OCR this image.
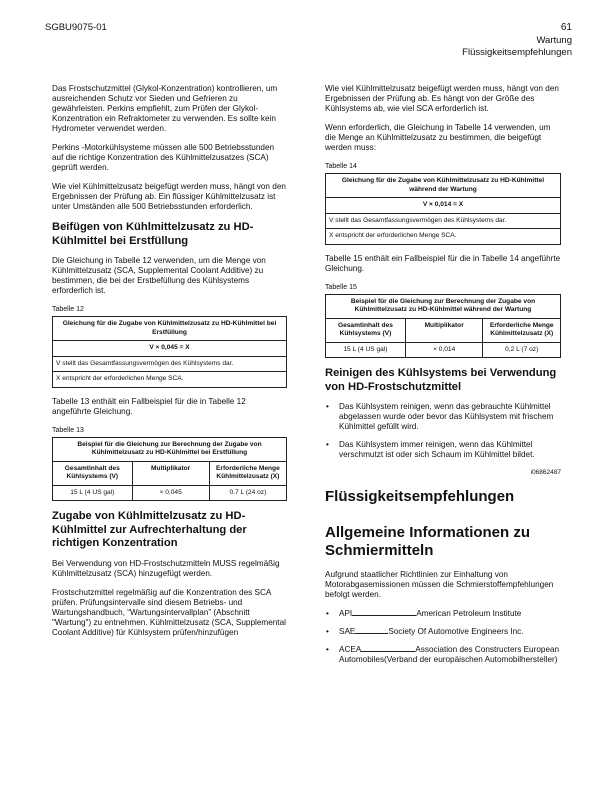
SGBU9075-01	61
Wartung
Flüssigkeitsempfehlungen

Das Frostschutzmittel (Glykol-Konzentration) kontrollieren, um ausreichenden Schutz vor Sieden und Gefrieren zu gewährleisten. Perkins empfiehlt, zum Prüfen der Glykol-Konzentration ein Refraktometer zu verwenden. Es sollte kein Hydrometer verwendet werden.

Perkins -Motorkühlsysteme müssen alle 500 Betriebsstunden auf die richtige Konzentration des Kühlmittelzusatzes (SCA) geprüft werden.

Wie viel Kühlmittelzusatz beigefügt werden muss, hängt von den Ergebnissen der Prüfung ab. Ein flüssiger Kühlmittelzusatz ist unter Umständen alle 500 Betriebsstunden erforderlich.

Beifügen von Kühlmittelzusatz zu HD-Kühlmittel bei Erstfüllung

Die Gleichung in Tabelle 12 verwenden, um die Menge von Kühlmittelzusatz (SCA, Supplemental Coolant Additive) zu bestimmen, die bei der Erstbefüllung des Kühlsystems erforderlich ist.

Tabelle 12
Gleichung für die Zugabe von Kühlmittelzusatz zu HD-Kühlmittel bei Erstfüllung
V × 0,045 = X
V stellt das Gesamtfassungsvermögen des Kühlsystems dar.
X entspricht der erforderlichen Menge SCA.

Tabelle 13 enthält ein Fallbeispiel für die in Tabelle 12 angeführte Gleichung.

Tabelle 13
Beispiel für die Gleichung zur Berechnung der Zugabe von Kühlmittelzusatz zu HD-Kühlmittel bei Erstfüllung		
Gesamtinhalt des Kühlsystems (V)	Multiplikator	Erforderliche Menge Kühlmittelzusatz (X)
15 L (4 US gal)	× 0,045	0.7 L (24 oz)
Zugabe von Kühlmittelzusatz zu HD-Kühlmittel zur Aufrechterhaltung der richtigen Konzentration

Bei Verwendung von HD-Frostschutzmitteln MUSS regelmäßig Kühlmittelzusatz (SCA) hinzugefügt werden.

Frostschutzmittel regelmäßig auf die Konzentration des SCA prüfen. Prüfungsintervalle sind diesem Betriebs- und Wartungshandbuch, “Wartungsintervallplan” (Abschnitt "Wartung") zu entnehmen. Kühlmittelzusatz (SCA, Supplemental Coolant Additive) für Kühlsystem prüfen/hinzufügen

Wie viel Kühlmittelzusatz beigefügt werden muss, hängt von den Ergebnissen der Prüfung ab. Es hängt von der Größe des Kühlsystems ab, wie viel SCA erforderlich ist.

Wenn erforderlich, die Gleichung in Tabelle 14 verwenden, um die Menge an Kühlmittelzusatz zu bestimmen, die beigefügt werden muss:

Tabelle 14
Gleichung für die Zugabe von Kühlmittelzusatz zu HD-Kühlmittel während der Wartung
V × 0,014 = X
V stellt das Gesamtfassungsvermögen des Kühlsystems dar.
X entspricht der erforderlichen Menge SCA.

Tabelle 15 enthält ein Fallbeispiel für die in Tabelle 14 angeführte Gleichung.

Tabelle 15
Beispiel für die Gleichung zur Berechnung der Zugabe von Kühlmittelzusatz zu HD-Kühlmittel während der Wartung		
Gesamtinhalt des Kühlsystems (V)	Multiplikator	Erforderliche Menge Kühlmittelzusatz (X)
15 L (4 US gal)	× 0,014	0,2 L (7 oz)
Reinigen des Kühlsystems bei Verwendung von HD-Frostschutzmittel
• Das Kühlsystem reinigen, wenn das gebrauchte Kühlmittel abgelassen wurde oder bevor das Kühlsystem mit frischem Kühlmittel gefüllt wird.
• Das Kühlsystem immer reinigen, wenn das Kühlmittel verschmutzt ist oder sich Schaum im Kühlmittel bildet.
i06862487
Flüssigkeitsempfehlungen
Allgemeine Informationen zu Schmiermitteln

Aufgrund staatlicher Richtlinien zur Einhaltung von Motorabgasemissionen müssen die Schmierstoffempfehlungen befolgt werden.

• API	American Petroleum Institute
• SAE	Society Of Automotive Engineers Inc.
• ACEA	Association des Constructers European Automobiles(Verband der europäischen Automobilhersteller)
